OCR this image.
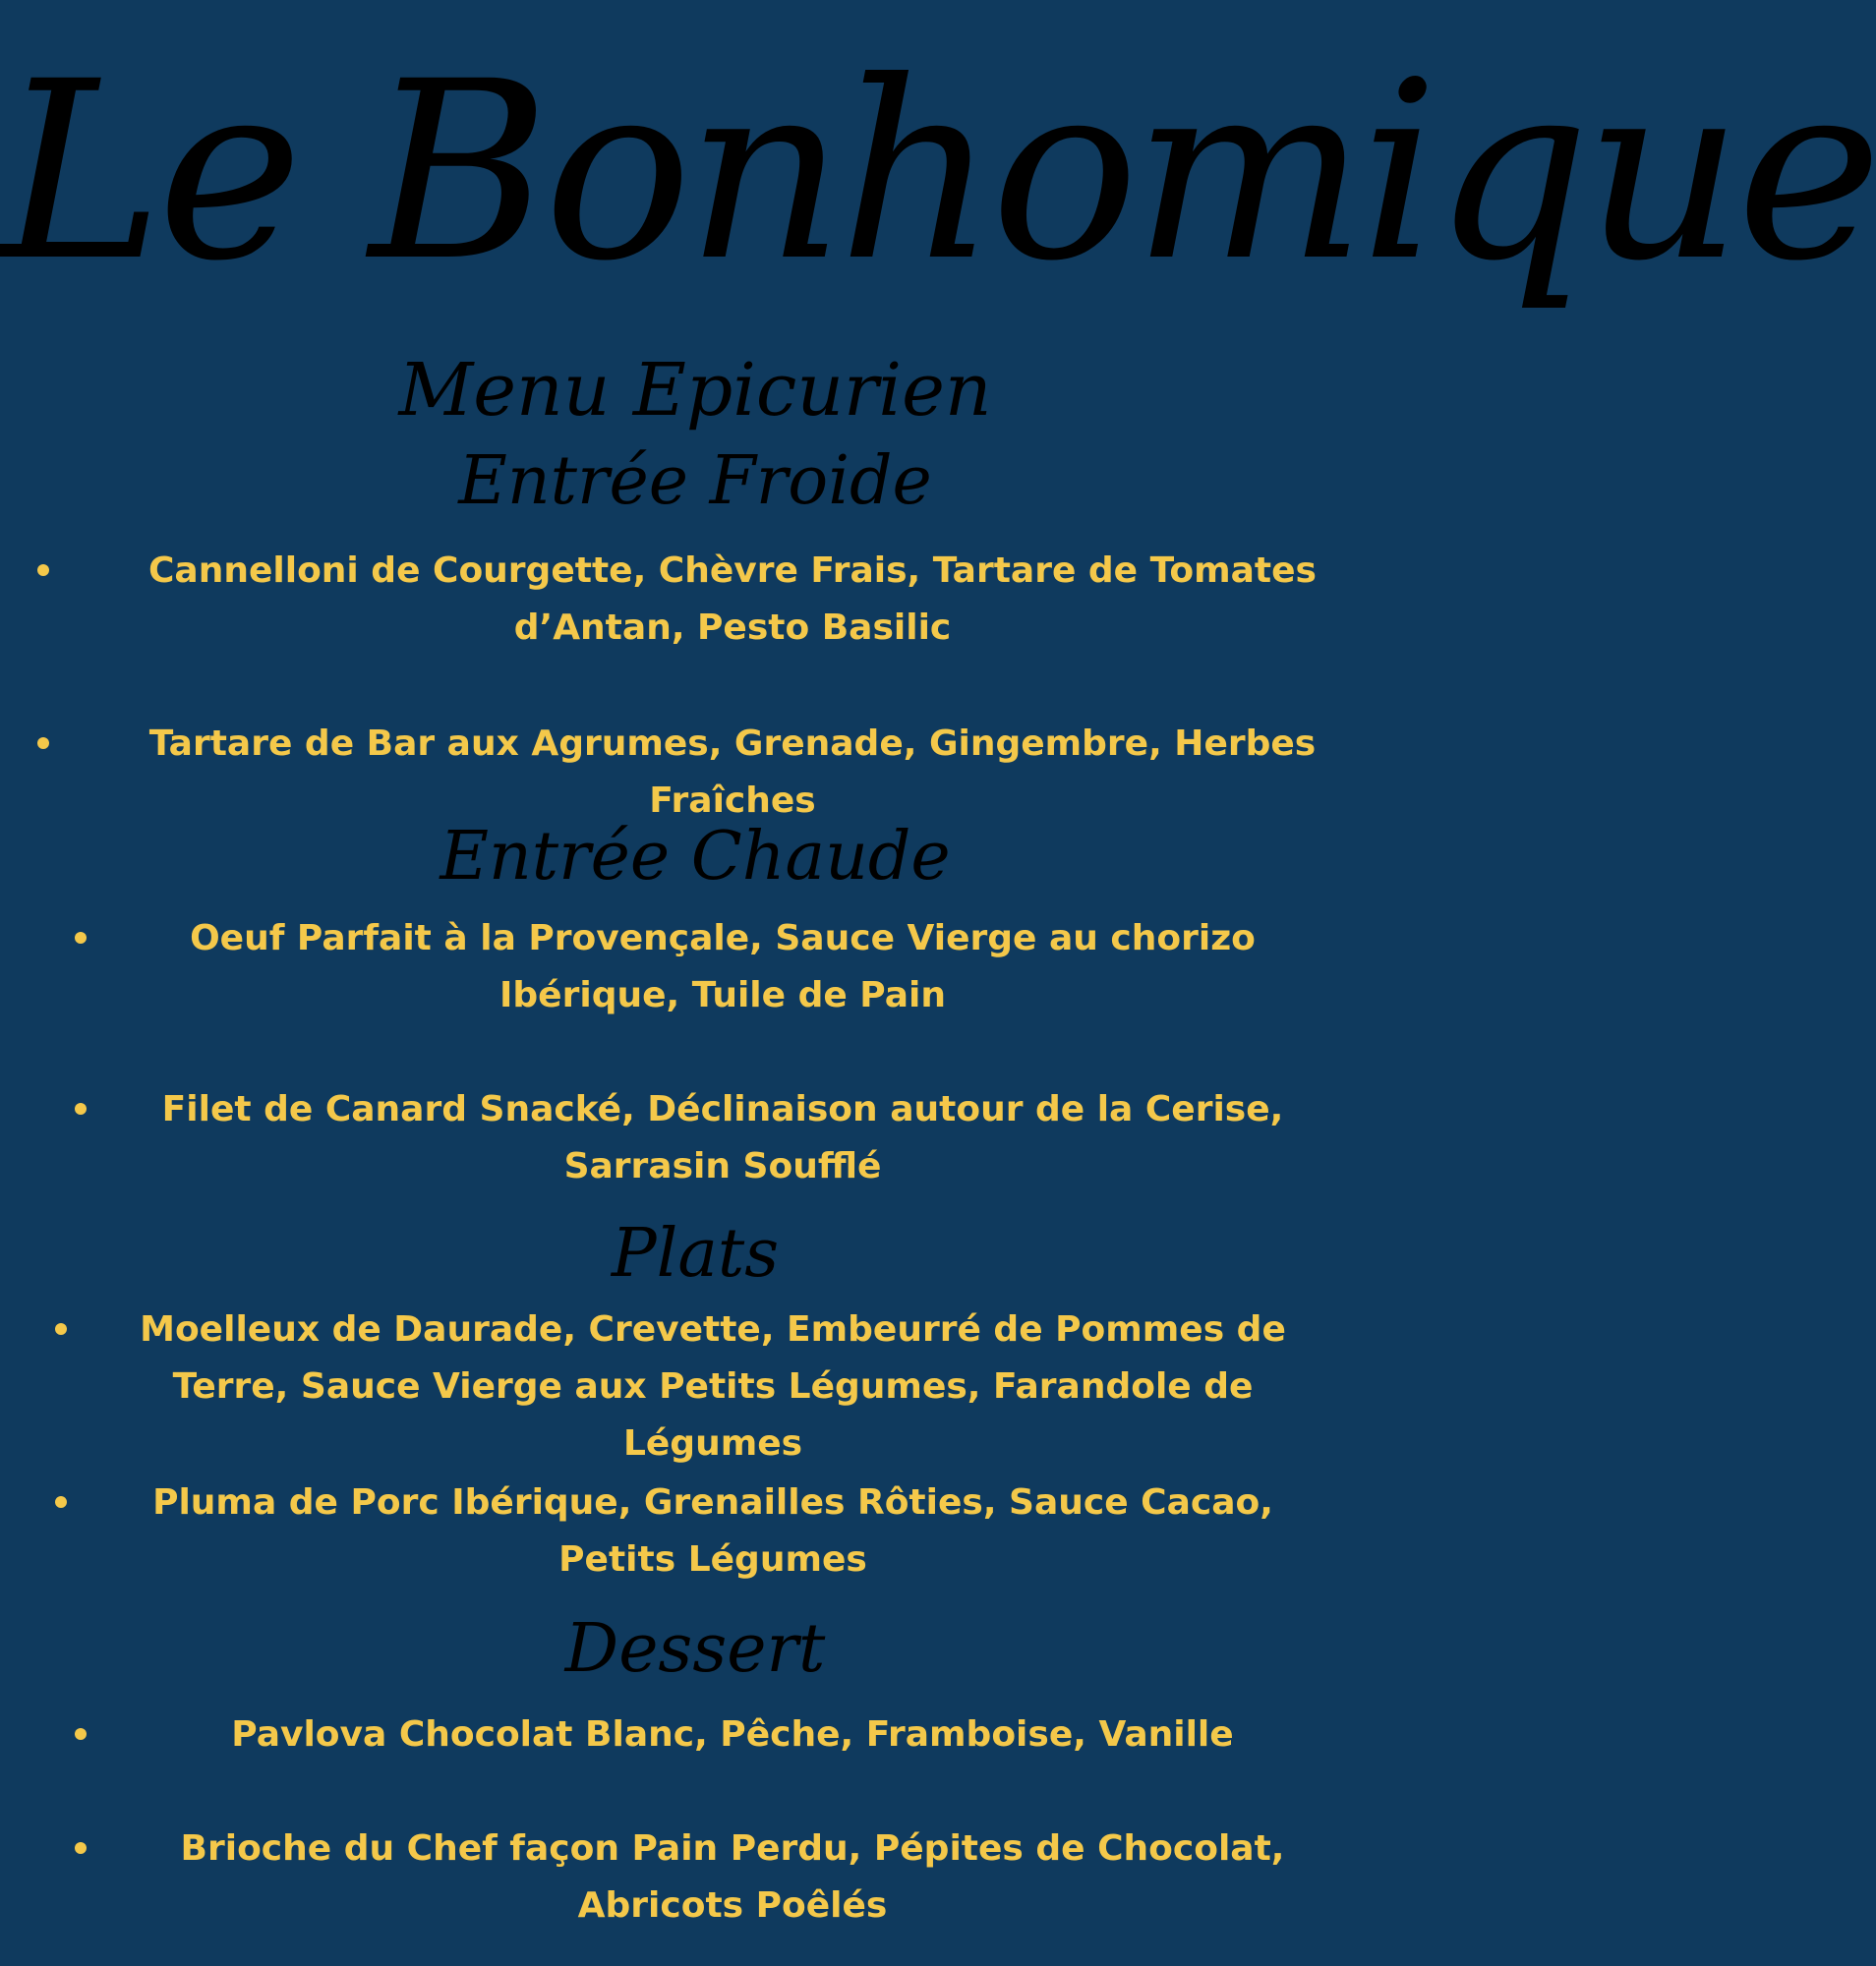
Le Bonhomique
Menu Epicurien
Entrée Froide
Cannelloni de Courgette, Chèvre Frais, Tartare de Tomates d’Antan, Pesto Basilic
Tartare de Bar aux Agrumes, Grenade, Gingembre, Herbes Fraîches
Entrée Chaude
Oeuf Parfait à la Provençale, Sauce Vierge au chorizo Ibérique, Tuile de Pain
Filet de Canard Snacké, Déclinaison autour de la Cerise, Sarrasin Soufflé
Plats
Moelleux de Daurade, Crevette, Embeurré de Pommes de Terre, Sauce Vierge aux Petits Légumes, Farandole de Légumes
Pluma de Porc Ibérique, Grenailles Rôties, Sauce Cacao, Petits Légumes
Dessert
Pavlova Chocolat Blanc, Pêche, Framboise, Vanille
Brioche du Chef façon Pain Perdu, Pépites de Chocolat, Abricots Poêlés
